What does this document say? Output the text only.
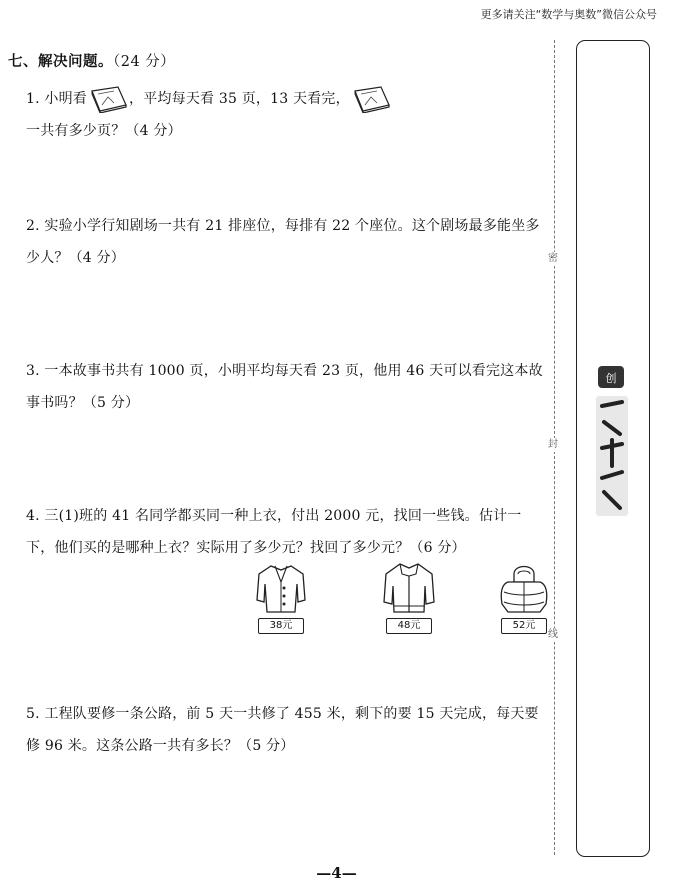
更多请关注“数学与奥数”微信公众号
七、解决问题。（24 分）
1. 小明看	，平均每天看 35 页，13 天看完，一共有多少页？（4 分）
2. 实验小学行知剧场一共有 21 排座位，每排有 22 个座位。这个剧场最多能坐多少人？（4 分）
3. 一本故事书共有 1000 页，小明平均每天看 23 页，他用 46 天可以看完这本故事书吗？（5 分）
4. 三(1)班的 41 名同学都买同一种上衣，付出 2000 元，找回一些钱。估计一下，他们买的是哪种上衣？实际用了多少元？找回了多少元？（6 分）
38元	48元	52元
5. 工程队要修一条公路，前 5 天一共修了 455 米，剩下的要 15 天完成，每天要修 96 米。这条公路一共有多长？（5 分）
—4—
密
封
线
创
